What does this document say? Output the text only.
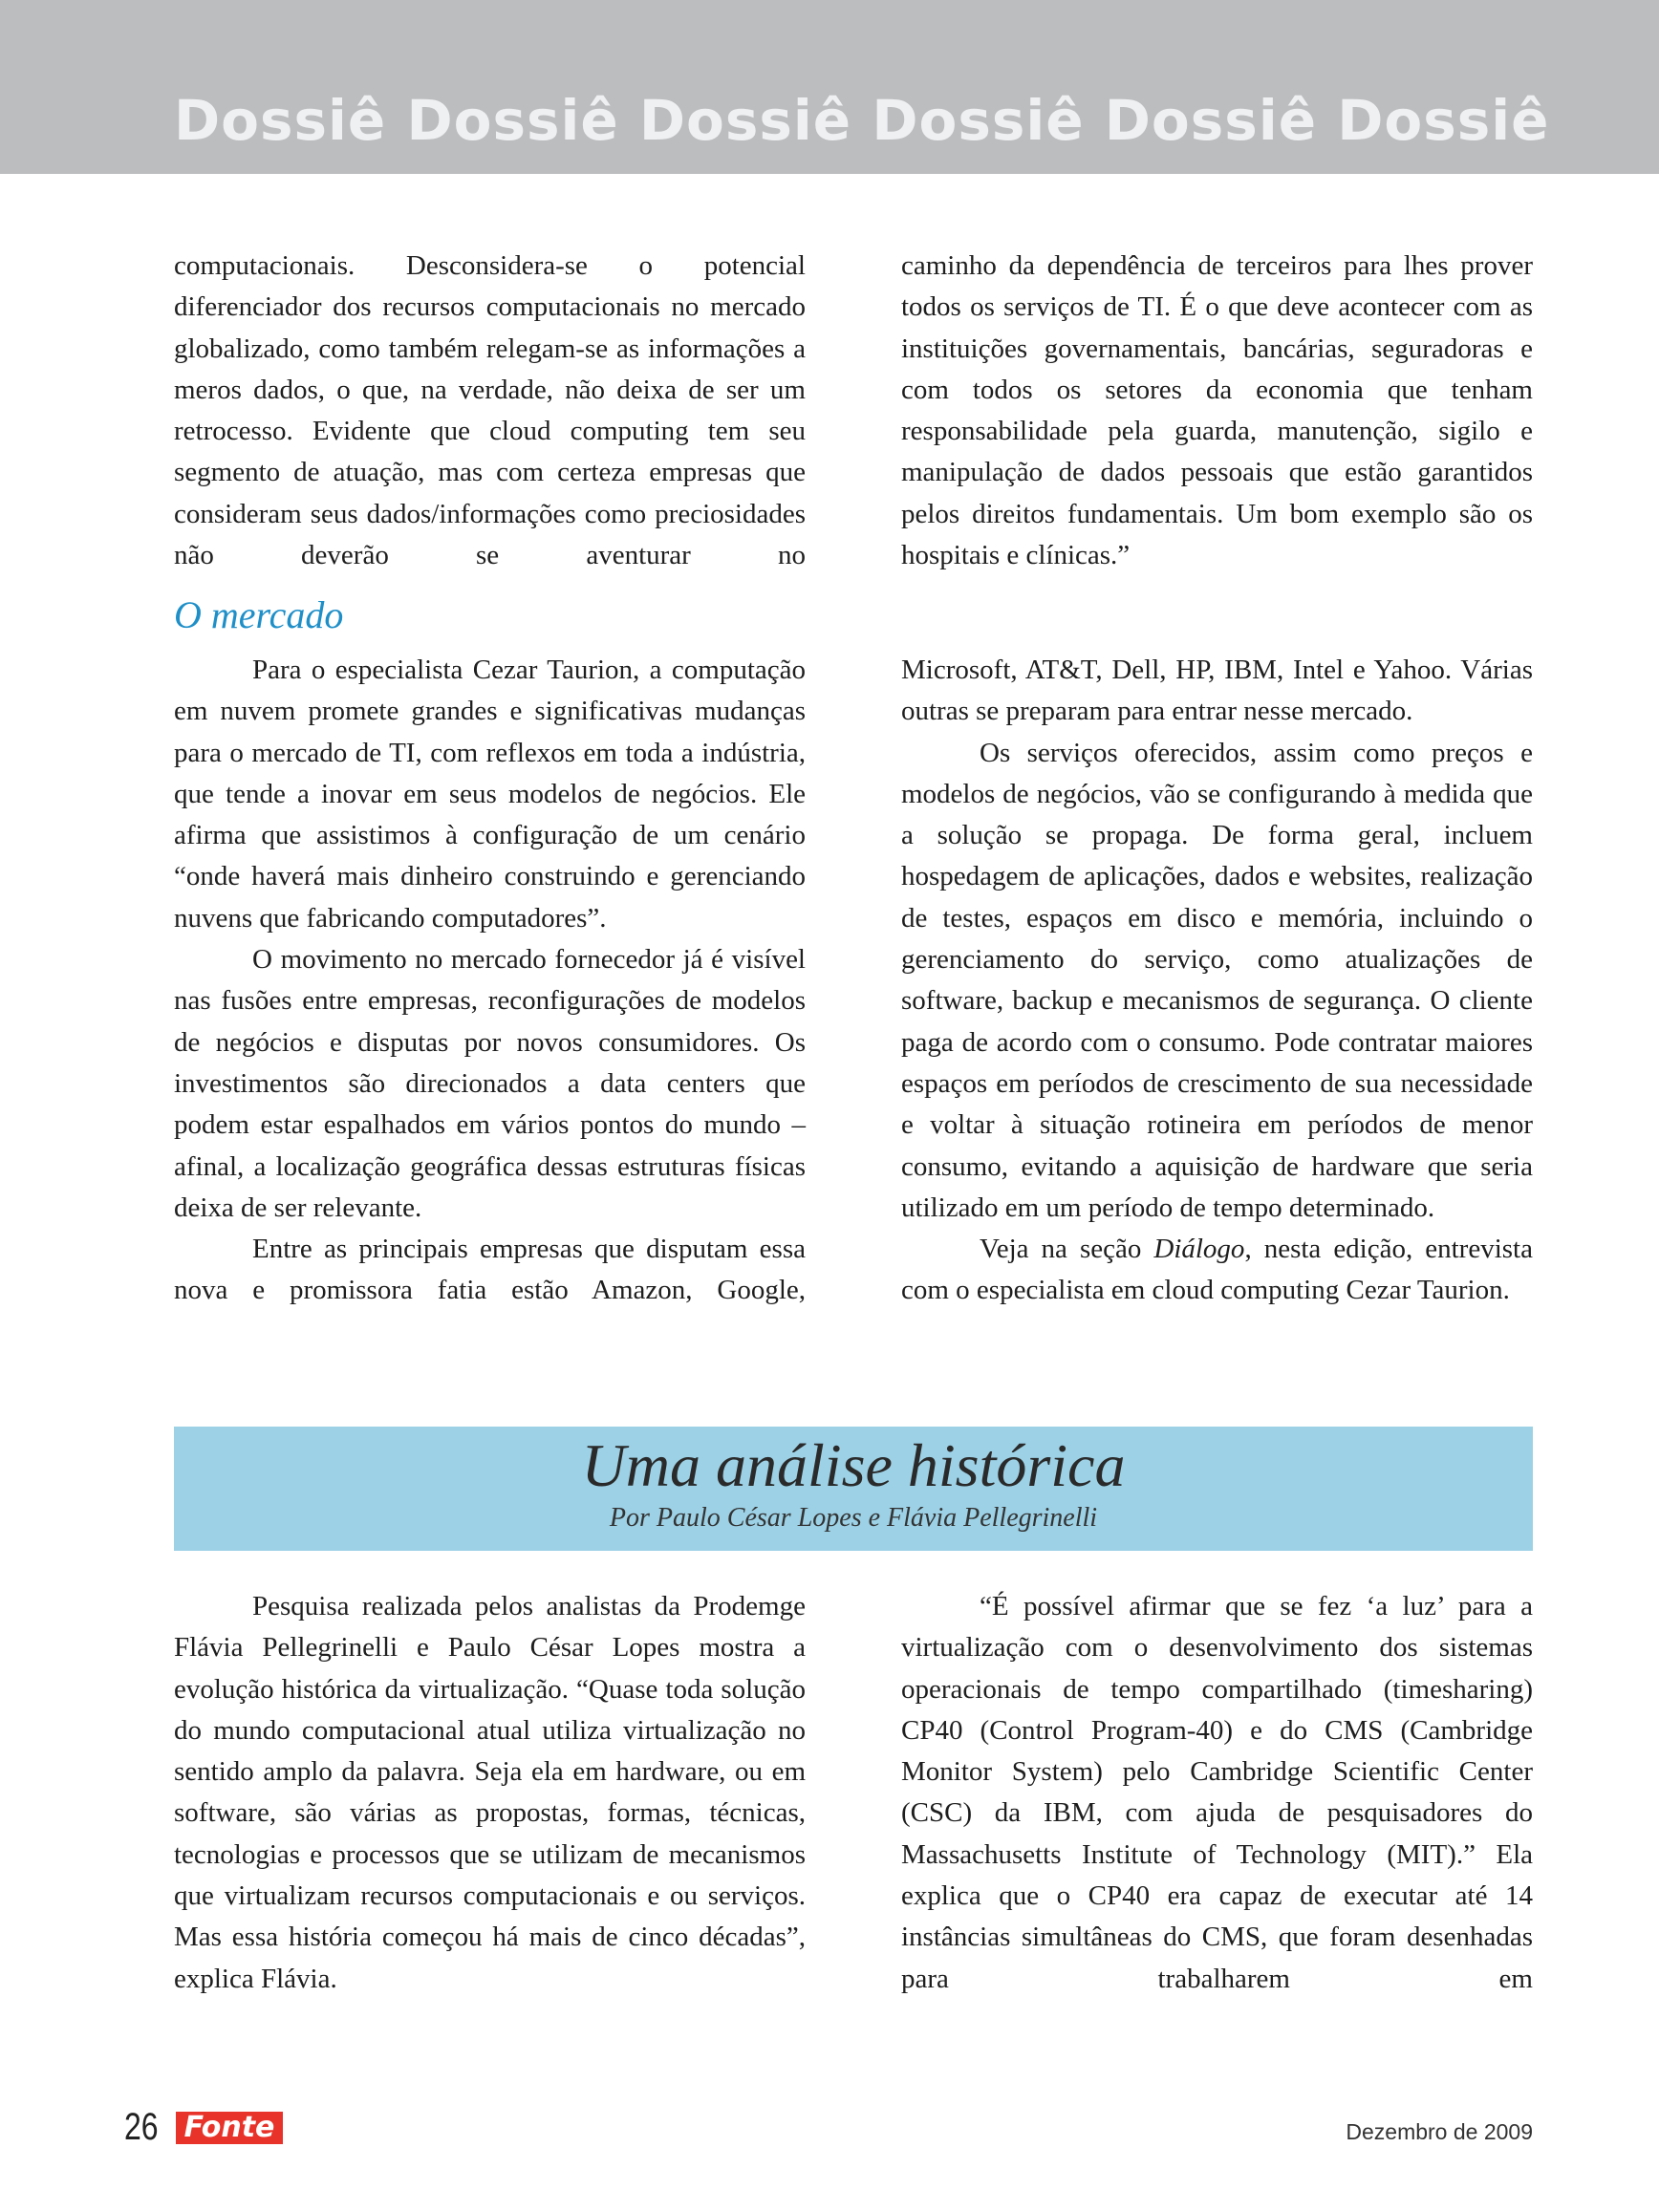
Dossiê Dossiê Dossiê Dossiê Dossiê Dossiê

computacionais. Desconsidera-se o potencial diferenciador dos recursos computacionais no mercado globalizado, como também relegam-se as informações a meros dados, o que, na verdade, não deixa de ser um retrocesso. Evidente que cloud computing tem seu segmento de atuação, mas com certeza empresas que consideram seus dados/informações como preciosidades não deverão se aventurar no

caminho da dependência de terceiros para lhes prover todos os serviços de TI. É o que deve acontecer com as instituições governamentais, bancárias, seguradoras e com todos os setores da economia que tenham responsabilidade pela guarda, manutenção, sigilo e manipulação de dados pessoais que estão garantidos pelos direitos fundamentais. Um bom exemplo são os hospitais e clínicas.”

O mercado

Para o especialista Cezar Taurion, a computação em nuvem promete grandes e significativas mudanças para o mercado de TI, com reflexos em toda a indústria, que tende a inovar em seus modelos de negócios. Ele afirma que assistimos à configuração de um cenário “onde haverá mais dinheiro construindo e gerenciando nuvens que fabricando computadores”.

O movimento no mercado fornecedor já é visível nas fusões entre empresas, reconfigurações de modelos de negócios e disputas por novos consumidores. Os investimentos são direcionados a data centers que podem estar espalhados em vários pontos do mundo – afinal, a localização geográfica dessas estruturas físicas deixa de ser relevante.

Entre as principais empresas que disputam essa nova e promissora fatia estão Amazon, Google,

Microsoft, AT&T, Dell, HP, IBM, Intel e Yahoo. Várias outras se preparam para entrar nesse mercado.

Os serviços oferecidos, assim como preços e modelos de negócios, vão se configurando à medida que a solução se propaga. De forma geral, incluem hospedagem de aplicações, dados e websites, realização de testes, espaços em disco e memória, incluindo o gerenciamento do serviço, como atualizações de software, backup e mecanismos de segurança. O cliente paga de acordo com o consumo. Pode contratar maiores espaços em períodos de crescimento de sua necessidade e voltar à situação rotineira em períodos de menor consumo, evitando a aquisição de hardware que seria utilizado em um período de tempo determinado.

Veja na seção Diálogo, nesta edição, entrevista com o especialista em cloud computing Cezar Taurion.

Uma análise histórica
Por Paulo César Lopes e Flávia Pellegrinelli

Pesquisa realizada pelos analistas da Prodemge Flávia Pellegrinelli e Paulo César Lopes mostra a evolução histórica da virtualização. “Quase toda solução do mundo computacional atual utiliza virtualização no sentido amplo da palavra. Seja ela em hardware, ou em software, são várias as propostas, formas, técnicas, tecnologias e processos que se utilizam de mecanismos que virtualizam recursos computacionais e ou serviços. Mas essa história começou há mais de cinco décadas”, explica Flávia.

“É possível afirmar que se fez ‘a luz’ para a virtualização com o desenvolvimento dos sistemas operacionais de tempo compartilhado (timesharing) CP40 (Control Program-40) e do CMS (Cambridge Monitor System) pelo Cambridge Scientific Center (CSC) da IBM, com ajuda de pesquisadores do Massachusetts Institute of Technology (MIT).” Ela explica que o CP40 era capaz de executar até 14 instâncias simultâneas do CMS, que foram desenhadas para trabalharem em

26 Fonte	Dezembro de 2009
